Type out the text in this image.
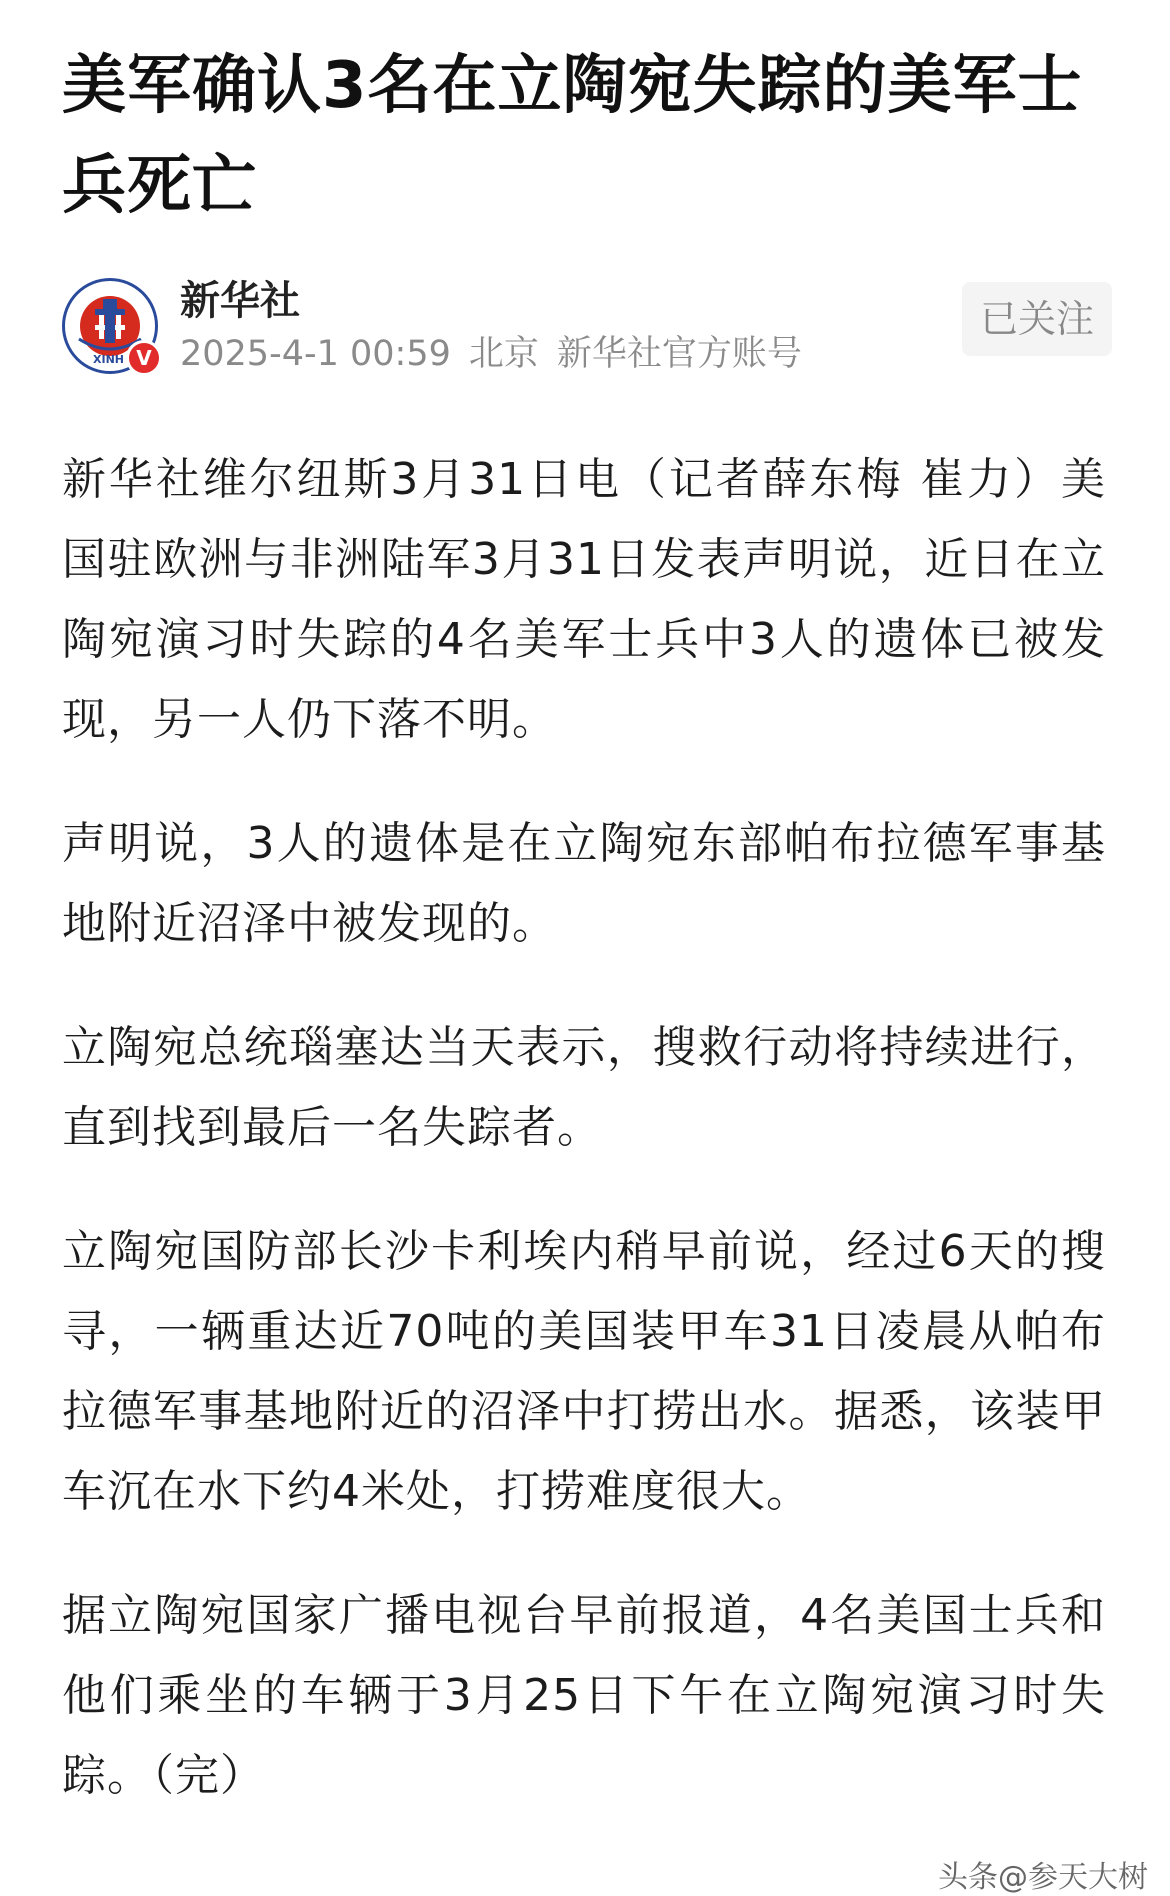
美军确认3名在立陶宛失踪的美军士兵死亡
XINH V
新华社
2025-4-1 00:59 北京 新华社官方账号
已关注

新华社维尔纽斯3月31日电（记者薛东梅 崔力）美国驻欧洲与非洲陆军3月31日发表声明说，近日在立陶宛演习时失踪的4名美军士兵中3人的遗体已被发现，另一人仍下落不明。

声明说，3人的遗体是在立陶宛东部帕布拉德军事基地附近沼泽中被发现的。

立陶宛总统瑙塞达当天表示，搜救行动将持续进行，直到找到最后一名失踪者。

立陶宛国防部长沙卡利埃内稍早前说，经过6天的搜寻，一辆重达近70吨的美国装甲车31日凌晨从帕布拉德军事基地附近的沼泽中打捞出水。据悉，该装甲车沉在水下约4米处，打捞难度很大。

据立陶宛国家广播电视台早前报道，4名美国士兵和他们乘坐的车辆于3月25日下午在立陶宛演习时失踪。（完）

头条@参天大树
